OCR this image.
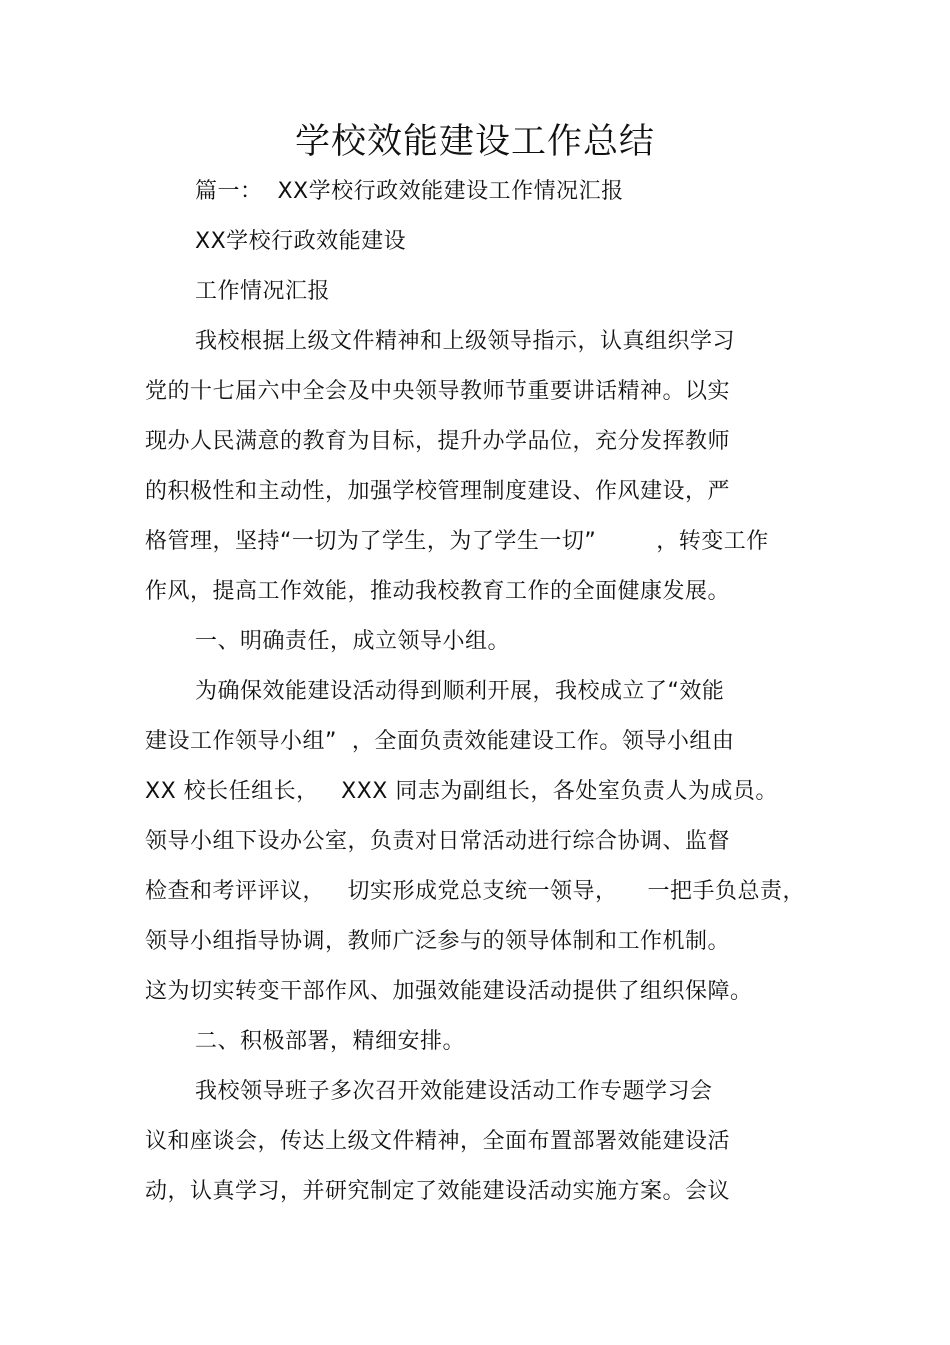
学校效能建设工作总结
篇一：  XX学校行政效能建设工作情况汇报
XX学校行政效能建设
工作情况汇报
我校根据上级文件精神和上级领导指示，认真组织学习
党的十七届六中全会及中央领导教师节重要讲话精神。以实
现办人民满意的教育为目标，提升办学品位，充分发挥教师
的积极性和主动性，加强学校管理制度建设、作风建设，严
格管理，坚持“一切为了学生，为了学生一切”        ，转变工作
作风，提高工作效能，推动我校教育工作的全面健康发展。
一、明确责任，成立领导小组。
为确保效能建设活动得到顺利开展，我校成立了“效能
建设工作领导小组”  ，全面负责效能建设工作。领导小组由
XX 校长任组长，   XXX 同志为副组长，各处室负责人为成员。
领导小组下设办公室，负责对日常活动进行综合协调、监督
检查和考评评议，   切实形成党总支统一领导，    一把手负总责，
领导小组指导协调，教师广泛参与的领导体制和工作机制。
这为切实转变干部作风、加强效能建设活动提供了组织保障。
二、积极部署，精细安排。
我校领导班子多次召开效能建设活动工作专题学习会
议和座谈会，传达上级文件精神，全面布置部署效能建设活
动，认真学习，并研究制定了效能建设活动实施方案。会议
